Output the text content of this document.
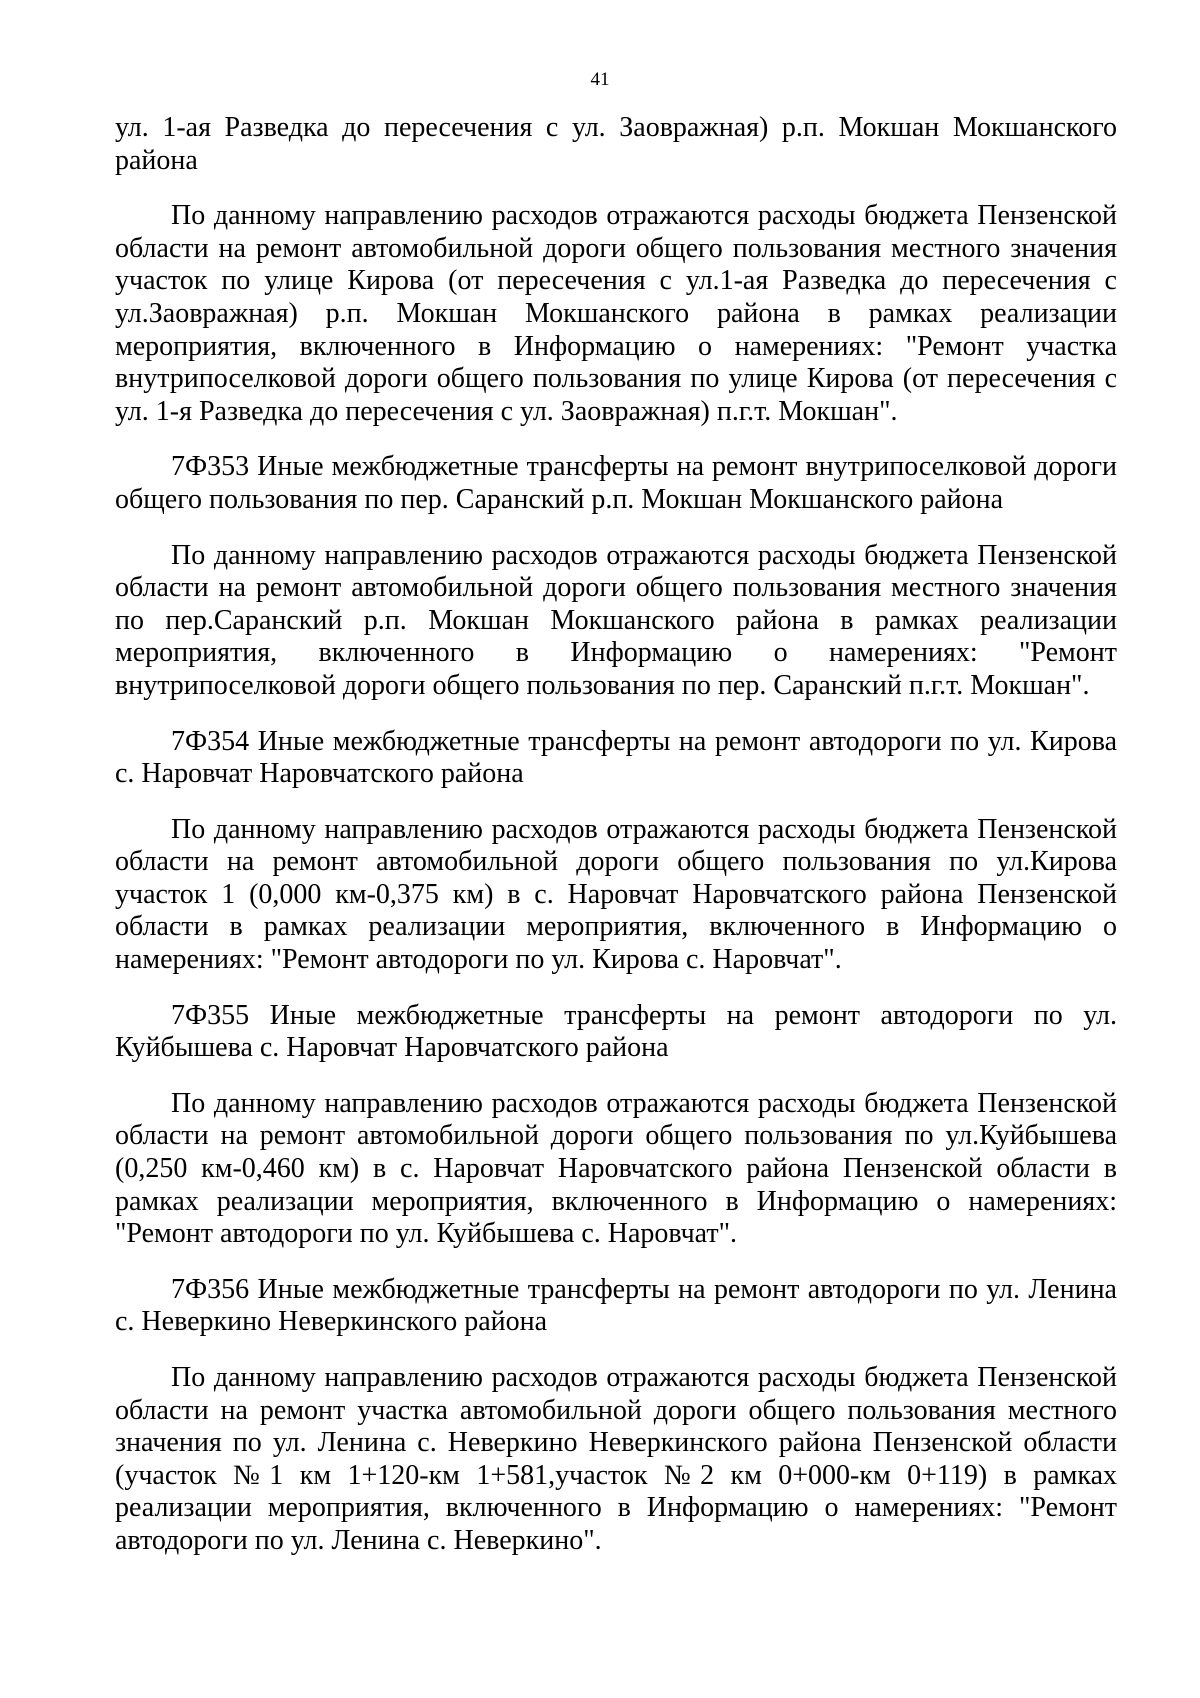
41

ул. 1-ая Разведка до пересечения с ул. Заовражная) р.п. Мокшан Мокшанского района

По данному направлению расходов отражаются расходы бюджета Пензенской области на ремонт автомобильной дороги общего пользования местного значения участок по улице Кирова (от пересечения с ул.1-ая Разведка до пересечения с ул.Заовражная) р.п. Мокшан Мокшанского района в рамках реализации мероприятия, включенного в Информацию о намерениях: "Ремонт участка внутрипоселковой дороги общего пользования по улице Кирова (от пересечения с ул. 1-я Разведка до пересечения с ул. Заовражная) п.г.т. Мокшан".

7Ф353 Иные межбюджетные трансферты на ремонт внутрипоселковой дороги общего пользования по пер. Саранский р.п. Мокшан Мокшанского района

По данному направлению расходов отражаются расходы бюджета Пензенской области на ремонт автомобильной дороги общего пользования местного значения по пер.Саранский р.п. Мокшан Мокшанского района в рамках реализации мероприятия, включенного в Информацию о намерениях: "Ремонт внутрипоселковой дороги общего пользования по пер. Саранский п.г.т. Мокшан".

7Ф354 Иные межбюджетные трансферты на ремонт автодороги по ул. Кирова с. Наровчат Наровчатского района

По данному направлению расходов отражаются расходы бюджета Пензенской области на ремонт автомобильной дороги общего пользования по ул.Кирова участок 1 (0,000 км-0,375 км) в с. Наровчат Наровчатского района Пензенской области в рамках реализации мероприятия, включенного в Информацию о намерениях: "Ремонт автодороги по ул. Кирова с. Наровчат".

7Ф355 Иные межбюджетные трансферты на ремонт автодороги по ул. Куйбышева с. Наровчат Наровчатского района

По данному направлению расходов отражаются расходы бюджета Пензенской области на ремонт автомобильной дороги общего пользования по ул.Куйбышева (0,250 км-0,460 км) в с. Наровчат Наровчатского района Пензенской области в рамках реализации мероприятия, включенного в Информацию о намерениях: "Ремонт автодороги по ул. Куйбышева с. Наровчат".

7Ф356 Иные межбюджетные трансферты на ремонт автодороги по ул. Ленина с. Неверкино Неверкинского района

По данному направлению расходов отражаются расходы бюджета Пензенской области на ремонт участка автомобильной дороги общего пользования местного значения по ул. Ленина с. Неверкино Неверкинского района Пензенской области (участок №1 км 1+120-км 1+581,участок №2 км 0+000-км 0+119) в рамках реализации мероприятия, включенного в Информацию о намерениях: "Ремонт автодороги по ул. Ленина с. Неверкино".
